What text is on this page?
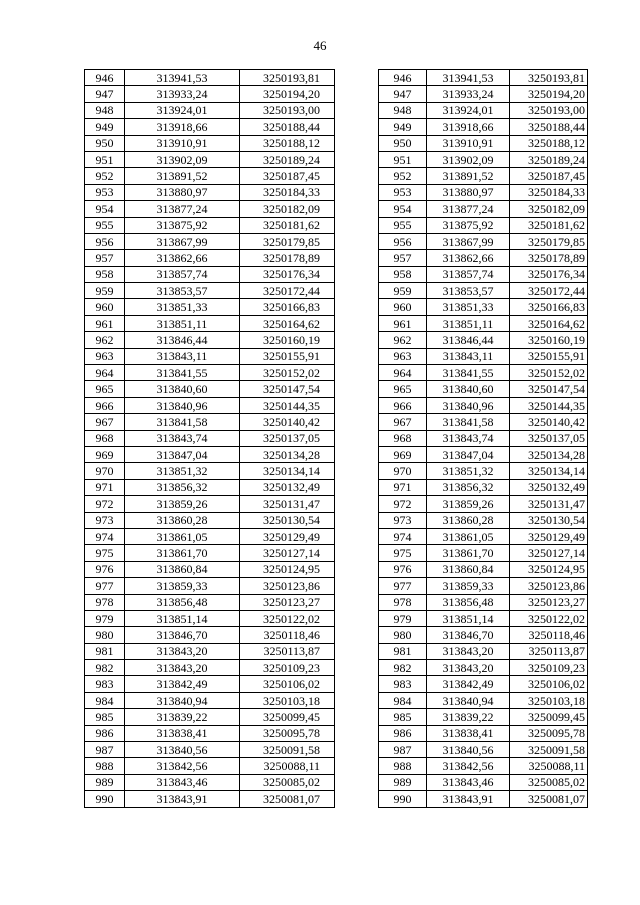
46
946	313941,53	3250193,81
947	313933,24	3250194,20
948	313924,01	3250193,00
949	313918,66	3250188,44
950	313910,91	3250188,12
951	313902,09	3250189,24
952	313891,52	3250187,45
953	313880,97	3250184,33
954	313877,24	3250182,09
955	313875,92	3250181,62
956	313867,99	3250179,85
957	313862,66	3250178,89
958	313857,74	3250176,34
959	313853,57	3250172,44
960	313851,33	3250166,83
961	313851,11	3250164,62
962	313846,44	3250160,19
963	313843,11	3250155,91
964	313841,55	3250152,02
965	313840,60	3250147,54
966	313840,96	3250144,35
967	313841,58	3250140,42
968	313843,74	3250137,05
969	313847,04	3250134,28
970	313851,32	3250134,14
971	313856,32	3250132,49
972	313859,26	3250131,47
973	313860,28	3250130,54
974	313861,05	3250129,49
975	313861,70	3250127,14
976	313860,84	3250124,95
977	313859,33	3250123,86
978	313856,48	3250123,27
979	313851,14	3250122,02
980	313846,70	3250118,46
981	313843,20	3250113,87
982	313843,20	3250109,23
983	313842,49	3250106,02
984	313840,94	3250103,18
985	313839,22	3250099,45
986	313838,41	3250095,78
987	313840,56	3250091,58
988	313842,56	3250088,11
989	313843,46	3250085,02
990	313843,91	3250081,07
946	313941,53	3250193,81
947	313933,24	3250194,20
948	313924,01	3250193,00
949	313918,66	3250188,44
950	313910,91	3250188,12
951	313902,09	3250189,24
952	313891,52	3250187,45
953	313880,97	3250184,33
954	313877,24	3250182,09
955	313875,92	3250181,62
956	313867,99	3250179,85
957	313862,66	3250178,89
958	313857,74	3250176,34
959	313853,57	3250172,44
960	313851,33	3250166,83
961	313851,11	3250164,62
962	313846,44	3250160,19
963	313843,11	3250155,91
964	313841,55	3250152,02
965	313840,60	3250147,54
966	313840,96	3250144,35
967	313841,58	3250140,42
968	313843,74	3250137,05
969	313847,04	3250134,28
970	313851,32	3250134,14
971	313856,32	3250132,49
972	313859,26	3250131,47
973	313860,28	3250130,54
974	313861,05	3250129,49
975	313861,70	3250127,14
976	313860,84	3250124,95
977	313859,33	3250123,86
978	313856,48	3250123,27
979	313851,14	3250122,02
980	313846,70	3250118,46
981	313843,20	3250113,87
982	313843,20	3250109,23
983	313842,49	3250106,02
984	313840,94	3250103,18
985	313839,22	3250099,45
986	313838,41	3250095,78
987	313840,56	3250091,58
988	313842,56	3250088,11
989	313843,46	3250085,02
990	313843,91	3250081,07
